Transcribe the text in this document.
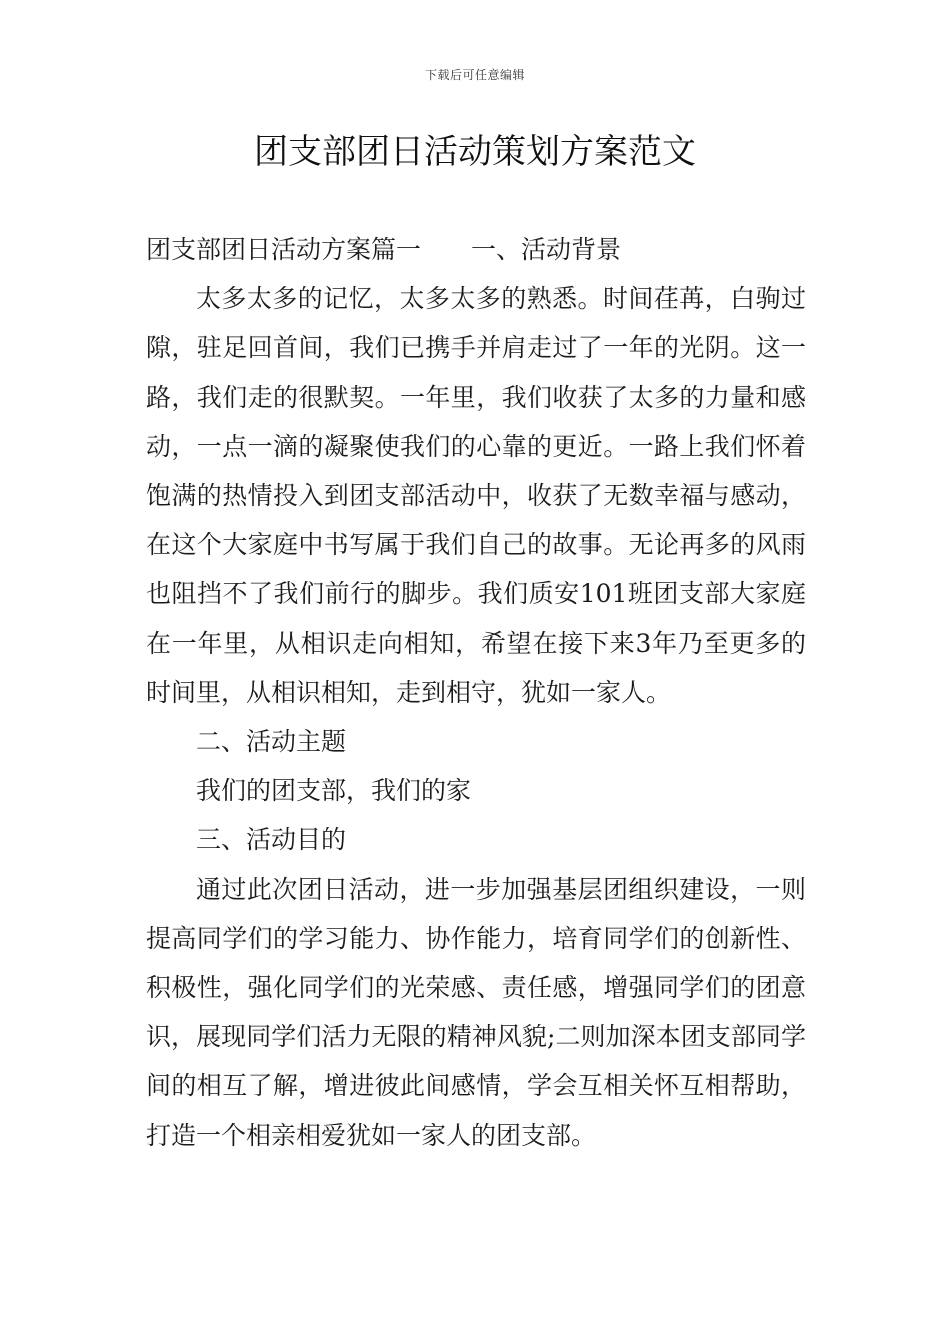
下载后可任意编辑
团支部团日活动策划方案范文

团支部团日活动方案篇一 一、活动背景

太多太多的记忆，太多太多的熟悉。时间荏苒，白驹过隙，驻足回首间，我们已携手并肩走过了一年的光阴。这一路，我们走的很默契。一年里，我们收获了太多的力量和感动，一点一滴的凝聚使我们的心靠的更近。一路上我们怀着饱满的热情投入到团支部活动中，收获了无数幸福与感动，在这个大家庭中书写属于我们自己的故事。无论再多的风雨也阻挡不了我们前行的脚步。我们质安101班团支部大家庭在一年里，从相识走向相知，希望在接下来3年乃至更多的时间里，从相识相知，走到相守，犹如一家人。

二、活动主题

我们的团支部，我们的家

三、活动目的

通过此次团日活动，进一步加强基层团组织建设，一则提高同学们的学习能力、协作能力，培育同学们的创新性、积极性，强化同学们的光荣感、责任感，增强同学们的团意识，展现同学们活力无限的精神风貌;二则加深本团支部同学间的相互了解，增进彼此间感情，学会互相关怀互相帮助，打造一个相亲相爱犹如一家人的团支部。
